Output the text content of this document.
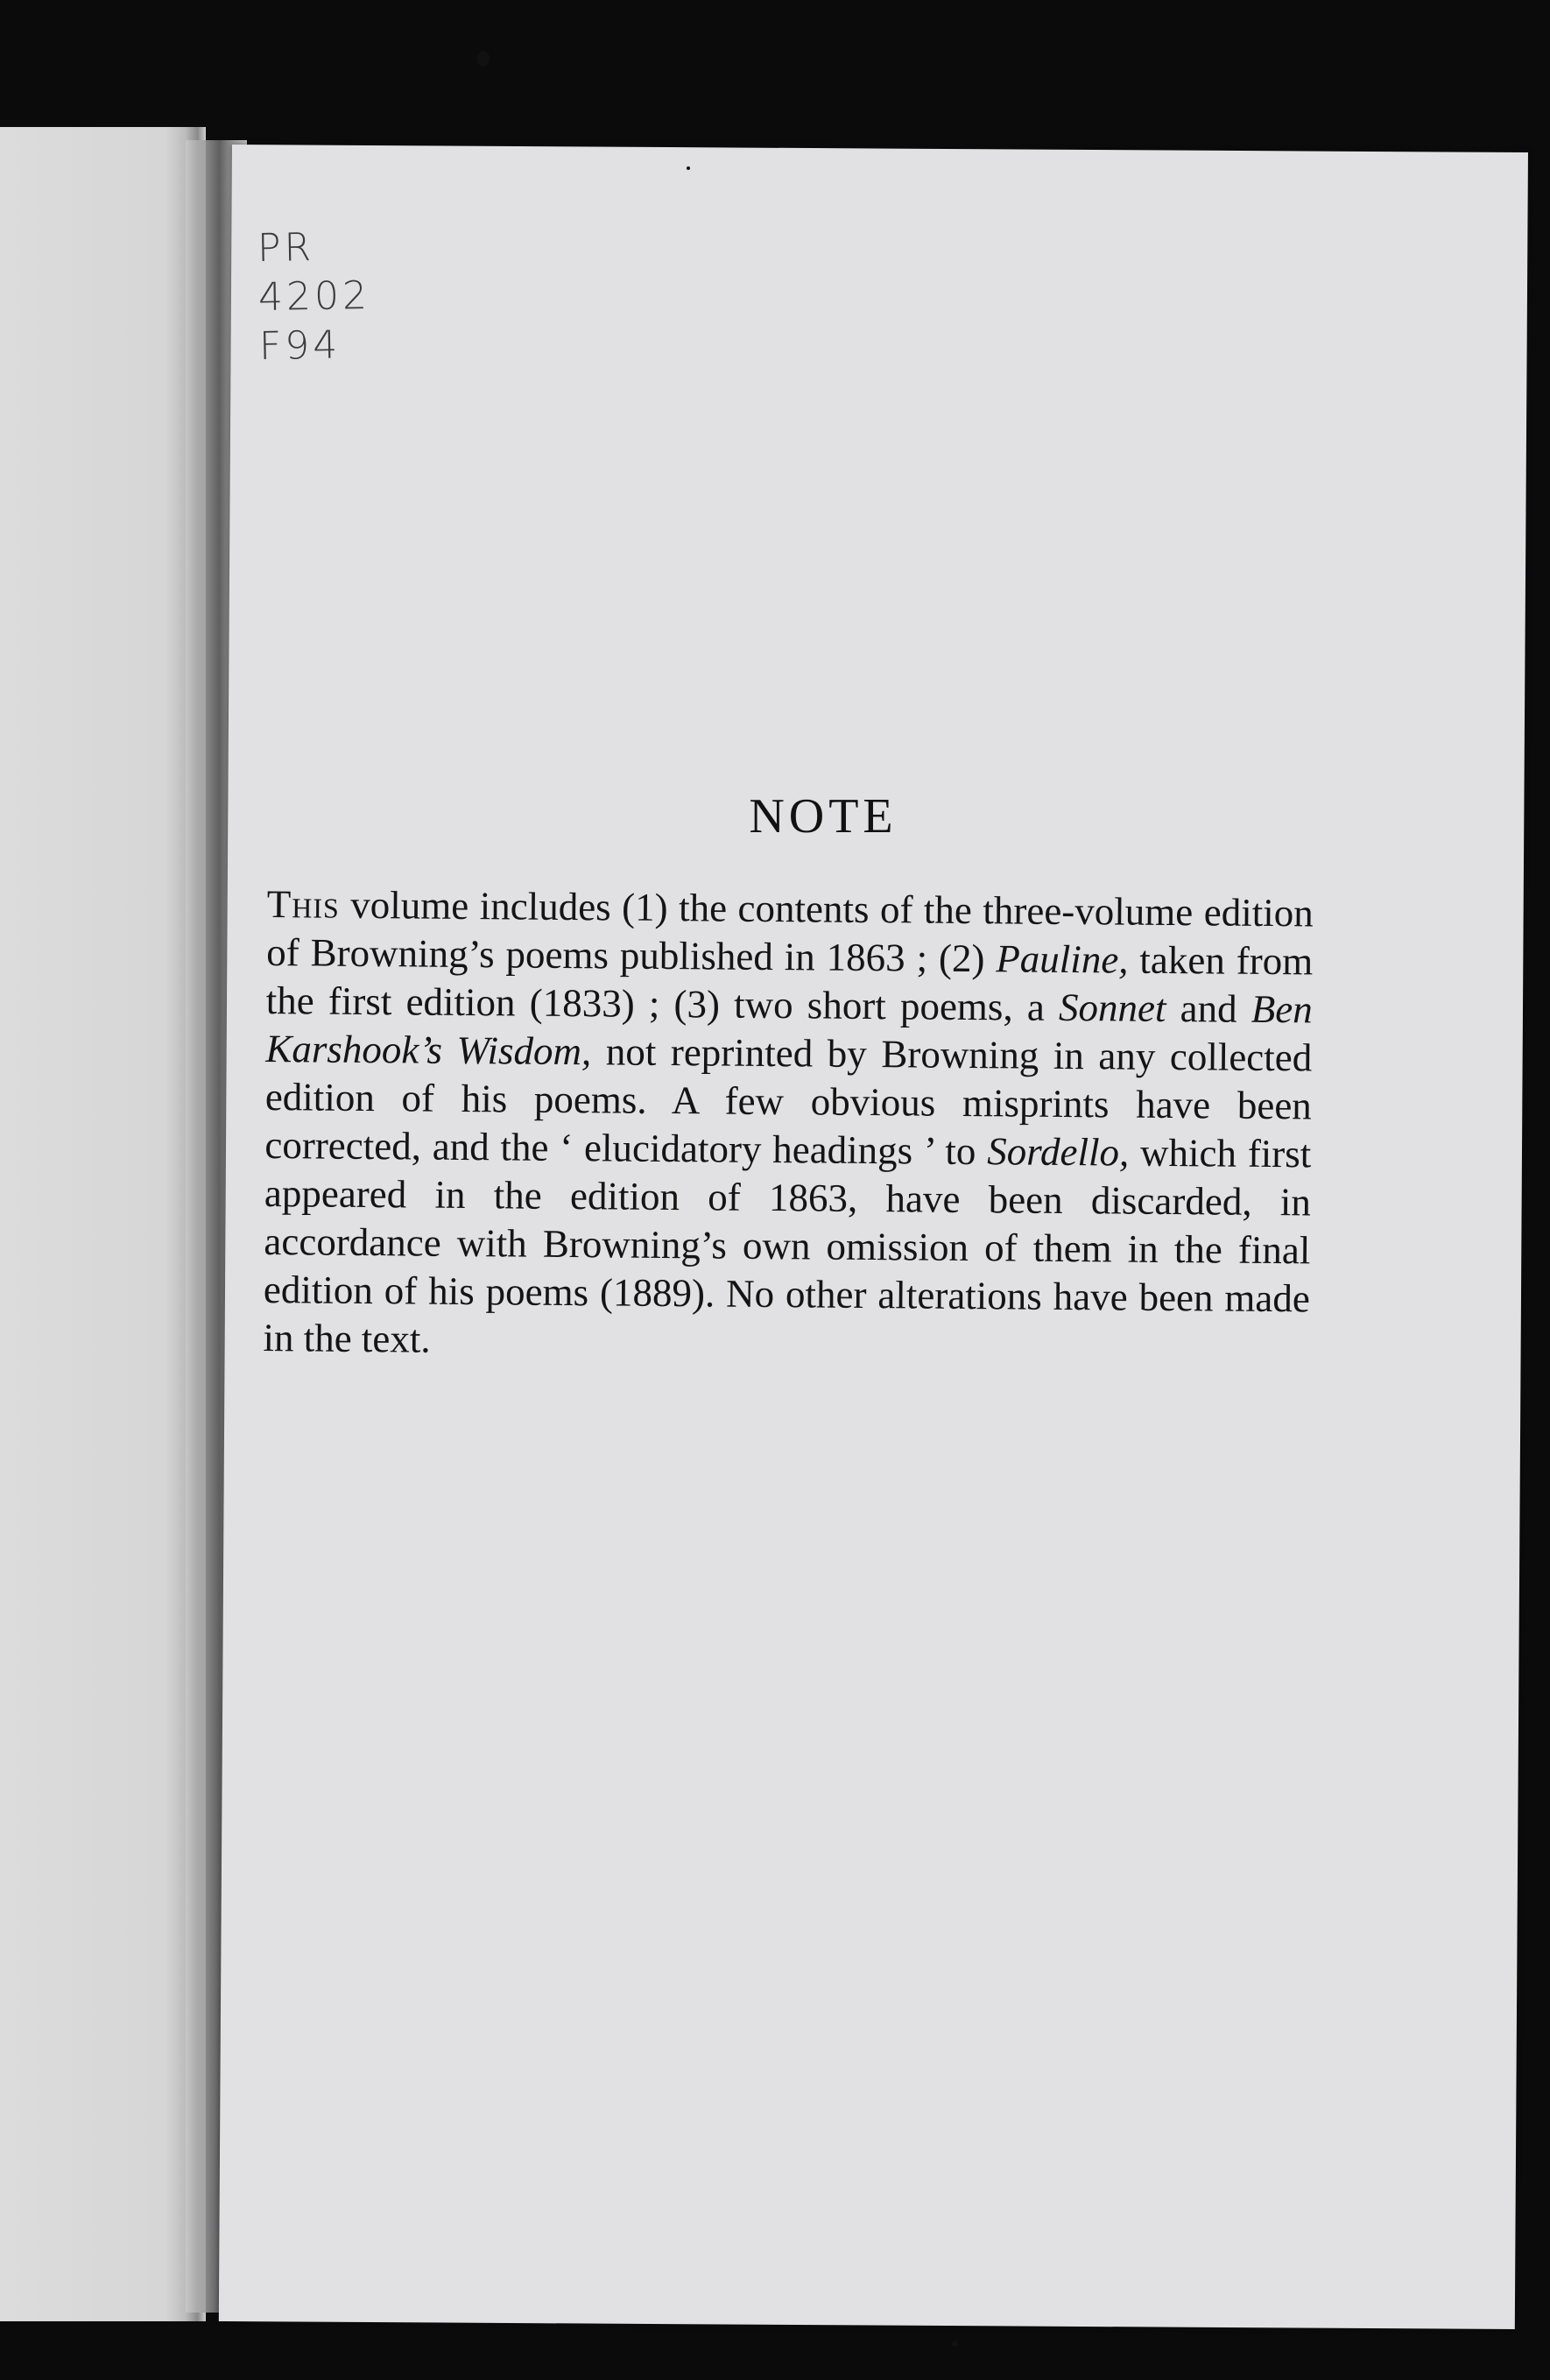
PR
4202
F94
NOTE
This volume includes (1) the contents of the three-volume edition of Browning’s poems published in 1863 ; (2) Pauline, taken from the first edition (1833) ; (3) two short poems, a Sonnet and Ben Karshook’s Wisdom, not reprinted by Browning in any collected edition of his poems. A few obvious misprints have been corrected, and the ‘ elucidatory headings ’ to Sordello, which first appeared in the edition of 1863, have been discarded, in accordance with Browning’s own omission of them in the final edition of his poems (1889). No other alterations have been made in the text.
